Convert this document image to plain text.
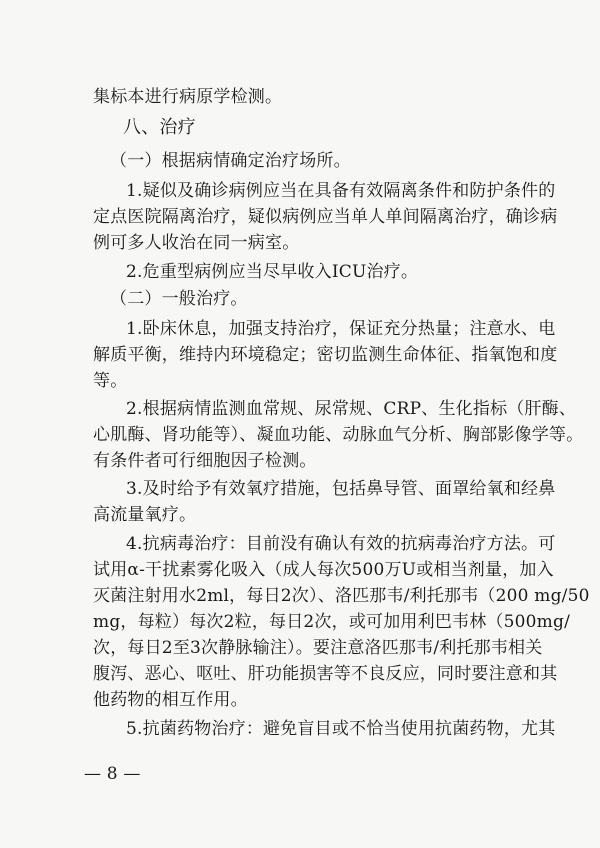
集标本进行病原学检测。
八、治疗
（一）根据病情确定治疗场所。
1.疑似及确诊病例应当在具备有效隔离条件和防护条件的
定点医院隔离治疗，疑似病例应当单人单间隔离治疗，确诊病
例可多人收治在同一病室。
2.危重型病例应当尽早收入ICU治疗。
（二）一般治疗。
1.卧床休息，加强支持治疗，保证充分热量；注意水、电
解质平衡，维持内环境稳定；密切监测生命体征、指氧饱和度
等。
2.根据病情监测血常规、尿常规、CRP、生化指标（肝酶、
心肌酶、肾功能等）、凝血功能、动脉血气分析、胸部影像学等。
有条件者可行细胞因子检测。
3.及时给予有效氧疗措施，包括鼻导管、面罩给氧和经鼻
高流量氧疗。
4.抗病毒治疗：目前没有确认有效的抗病毒治疗方法。可
试用α-干扰素雾化吸入（成人每次500万U或相当剂量，加入
灭菌注射用水2ml，每日2次）、洛匹那韦/利托那韦（200 mg/50
mg，每粒）每次2粒，每日2次，或可加用利巴韦林（500mg/
次，每日2至3次静脉输注）。要注意洛匹那韦/利托那韦相关
腹泻、恶心、呕吐、肝功能损害等不良反应，同时要注意和其
他药物的相互作用。
5.抗菌药物治疗：避免盲目或不恰当使用抗菌药物，尤其
— 8 —
